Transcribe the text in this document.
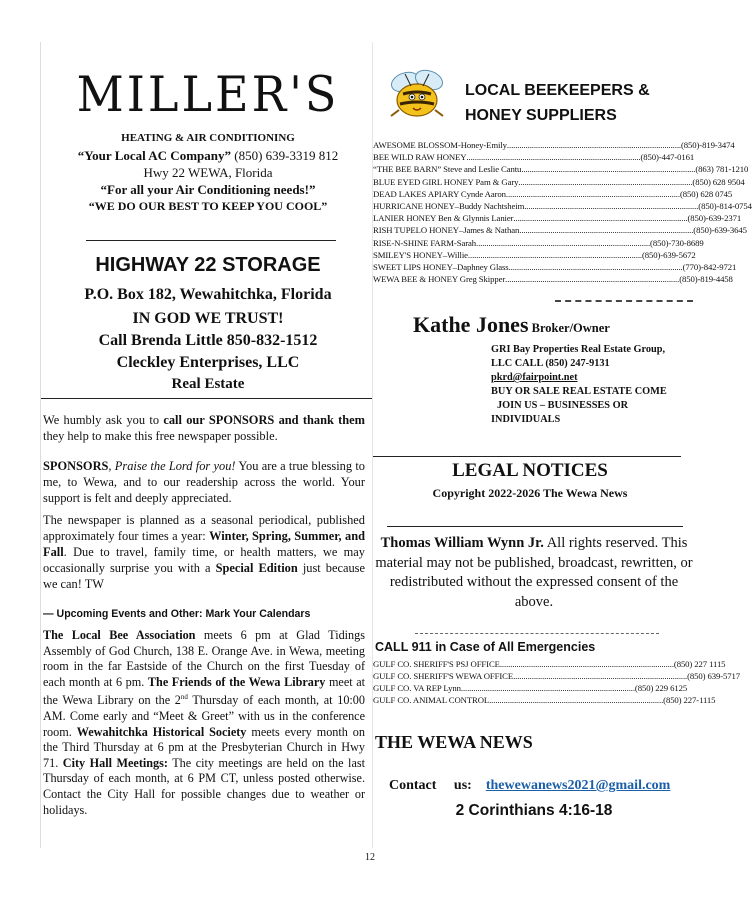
MILLER'S
HEATING & AIR CONDITIONING
“Your Local AC Company” (850) 639-3319 812
Hwy 22 WEWA, Florida
“For all your Air Conditioning needs!”
“WE DO OUR BEST TO KEEP YOU COOL”
HIGHWAY 22 STORAGE
P.O. Box 182, Wewahitchka, Florida
IN GOD WE TRUST!
Call Brenda Little 850-832-1512
Cleckley Enterprises, LLC
Real Estate
We humbly ask you to call our SPONSORS and thank them they help to make this free newspaper possible.
SPONSORS, Praise the Lord for you! You are a true blessing to me, to Wewa, and to our readership across the world. Your support is felt and deeply appreciated.
The newspaper is planned as a seasonal periodical, published approximately four times a year: Winter, Spring, Summer, and Fall. Due to travel, family time, or health matters, we may occasionally surprise you with a Special Edition just because we can! TW
— Upcoming Events and Other: Mark Your Calendars
The Local Bee Association meets 6 pm at Glad Tidings Assembly of God Church, 138 E. Orange Ave. in Wewa, meeting room in the far Eastside of the Church on the first Tuesday of each month at 6 pm. The Friends of the Wewa Library meet at the Wewa Library on the 2nd Thursday of each month, at 10:00 AM. Come early and “Meet & Greet” with us in the conference room. Wewahitchka Historical Society meets every month on the Third Thursday at 6 pm at the Presbyterian Church in Hwy 71. City Hall Meetings: The city meetings are held on the last Thursday of each month, at 6 PM CT, unless posted otherwise. Contact the City Hall for possible changes due to weather or holidays.
LOCAL BEEKEEPERS &
HONEY SUPPLIERS
AWESOME BLOSSOM-Honey-Emily .................................................................................... (850)-819-3474
BEE WILD RAW HONEY .................................................................................... (850)-447-0161
“THE BEE BARN” Steve and Leslie Cantu .................................................................................... (863) 781-1210
BLUE EYED GIRL HONEY Pam & Gary .................................................................................... (850) 628 9504
DEAD LAKES APIARY Cynde Aaron .................................................................................... (850) 628 0745
HURRICANE HONEY–Buddy Nachtsheim .................................................................................... (850)-814-0754
LANIER HONEY Ben & Glynnis Lanier .................................................................................... (850)-639-2371
RISH TUPELO HONEY–James & Nathan .................................................................................... (850)-639-3645
RISE-N-SHINE FARM-Sarah .................................................................................... (850)-730-8689
SMILEY'S HONEY–Willie .................................................................................... (850)-639-5672
SWEET LIPS HONEY–Daphney Glass .................................................................................... (770)-842-9721
WEWA BEE & HONEY Greg Skipper .................................................................................... (850)-819-4458
Kathe Jones Broker/Owner
GRI Bay Properties Real Estate Group,
LLC CALL (850) 247-9131
pkrd@fairpoint.net
BUY OR SALE REAL ESTATE COME
JOIN US – BUSINESSES OR
INDIVIDUALS
LEGAL NOTICES
Copyright 2022-2026 The Wewa News
Thomas William Wynn Jr. All rights reserved. This material may not be published, broadcast, rewritten, or redistributed without the expressed consent of the above.
CALL 911 in Case of All Emergencies
GULF CO. SHERIFF'S PSJ OFFICE .................................................................................... (850) 227 1115
GULF CO. SHERIFF'S WEWA OFFICE .................................................................................... (850) 639-5717
GULF CO. VA REP Lynn .................................................................................... (850) 229 6125
GULF CO. ANIMAL CONTROL .................................................................................... (850) 227-1115
THE WEWA NEWS

Contact     us: thewewanews2021@gmail.com

2 Corinthians 4:16-18
12
